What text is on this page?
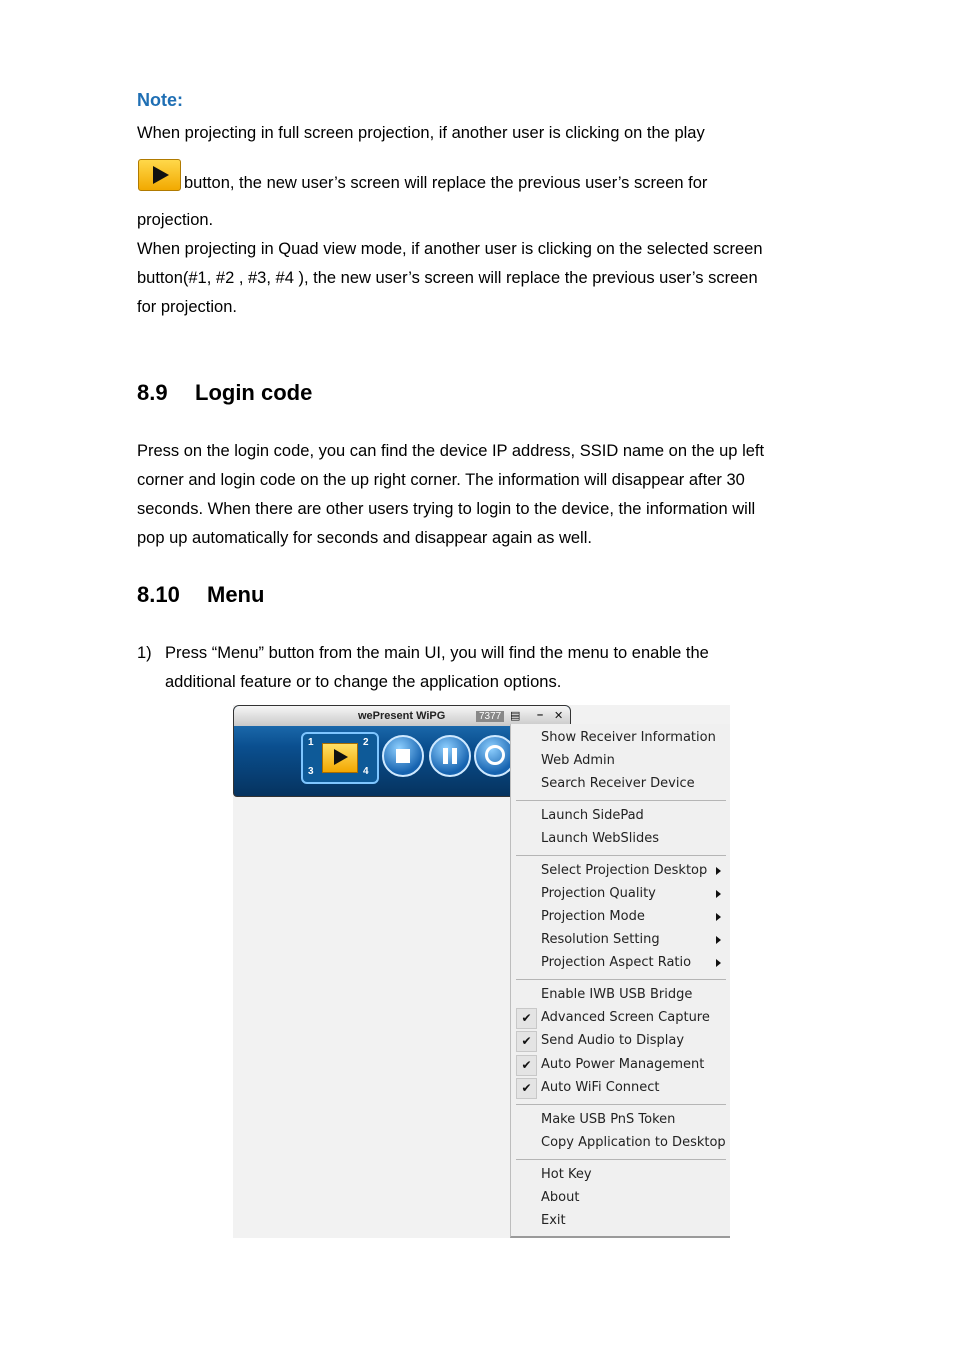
Note:
When projecting in full screen projection, if another user is clicking on the play
button, the new user’s screen will replace the previous user’s screen for
projection.
When projecting in Quad view mode, if another user is clicking on the selected screen
button(#1, #2 , #3, #4 ), the new user’s screen will replace the previous user’s screen
for projection.
8.9 Login code
Press on the login code, you can find the device IP address, SSID name on the up left
corner and login code on the up right corner. The information will disappear after 30
seconds. When there are other users trying to login to the device, the information will
pop up automatically for seconds and disappear again as well.
8.10 Menu
1) Press “Menu” button from the main UI, you will find the menu to enable the
additional feature or to change the application options.
wePresent WiPG	7377 ▤ – ✕
1	2
3	4
Show Receiver Information
Web Admin
Search Receiver Device
Launch SidePad
Launch WebSlides
Select Projection Desktop
Projection Quality
Projection Mode
Resolution Setting
Projection Aspect Ratio
Enable IWB USB Bridge
✔ Advanced Screen Capture
✔ Send Audio to Display
✔ Auto Power Management
✔ Auto WiFi Connect
Make USB PnS Token
Copy Application to Desktop
Hot Key
About
Exit
